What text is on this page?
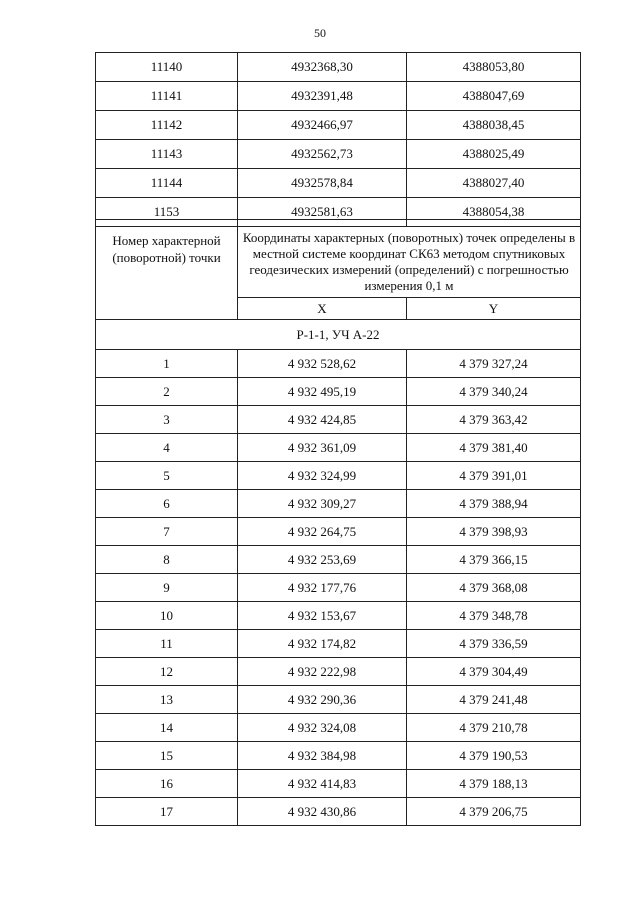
50
11140	4932368,30	4388053,80
11141	4932391,48	4388047,69
11142	4932466,97	4388038,45
11143	4932562,73	4388025,49
11144	4932578,84	4388027,40
1153	4932581,63	4388054,38
Номер характерной (поворотной) точки	Координаты характерных (поворотных) точек определены в местной системе координат СК63 методом спутниковых геодезических измерений (определений) с погрешностью измерения 0,1 м	
	X	Y
Р-1-1, УЧ А-22		
1	4 932 528,62	4 379 327,24
2	4 932 495,19	4 379 340,24
3	4 932 424,85	4 379 363,42
4	4 932 361,09	4 379 381,40
5	4 932 324,99	4 379 391,01
6	4 932 309,27	4 379 388,94
7	4 932 264,75	4 379 398,93
8	4 932 253,69	4 379 366,15
9	4 932 177,76	4 379 368,08
10	4 932 153,67	4 379 348,78
11	4 932 174,82	4 379 336,59
12	4 932 222,98	4 379 304,49
13	4 932 290,36	4 379 241,48
14	4 932 324,08	4 379 210,78
15	4 932 384,98	4 379 190,53
16	4 932 414,83	4 379 188,13
17	4 932 430,86	4 379 206,75
